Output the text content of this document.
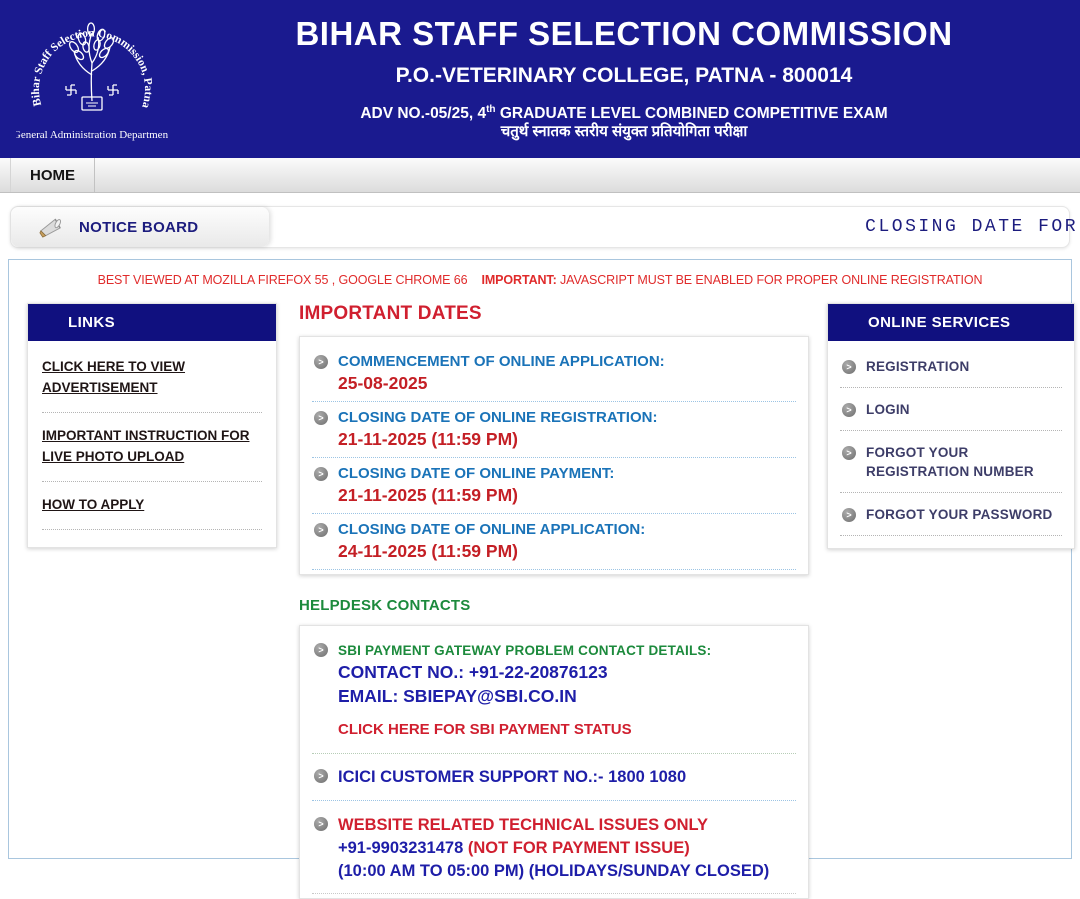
Bihar Staff Selection Commission, Patna
General Administration Department
BIHAR STAFF SELECTION COMMISSION
P.O.-VETERINARY COLLEGE, PATNA - 800014
ADV NO.-05/25, 4th GRADUATE LEVEL COMBINED COMPETITIVE EXAM
चतुर्थ स्नातक स्तरीय संयुक्त प्रतियोगिता परीक्षा
HOME
NOTICE BOARD	CLOSING DATE FOR
BEST VIEWED AT MOZILLA FIREFOX 55 , GOOGLE CHROME 66 IMPORTANT: JAVASCRIPT MUST BE ENABLED FOR PROPER ONLINE REGISTRATION
LINKS
CLICK HERE TO VIEW ADVERTISEMENT
IMPORTANT INSTRUCTION FOR LIVE PHOTO UPLOAD
HOW TO APPLY
IMPORTANT DATES
> COMMENCEMENT OF ONLINE APPLICATION:
25-08-2025
> CLOSING DATE OF ONLINE REGISTRATION:
21-11-2025 (11:59 PM)
> CLOSING DATE OF ONLINE PAYMENT:
21-11-2025 (11:59 PM)
> CLOSING DATE OF ONLINE APPLICATION:
24-11-2025 (11:59 PM)
HELPDESK CONTACTS
>	SBI PAYMENT GATEWAY PROBLEM CONTACT DETAILS:
CONTACT NO.: +91-22-20876123
EMAIL: SBIEPAY@SBI.CO.IN
CLICK HERE FOR SBI PAYMENT STATUS
> ICICI CUSTOMER SUPPORT NO.:- 1800 1080
> WEBSITE RELATED TECHNICAL ISSUES ONLY
+91-9903231478 (NOT FOR PAYMENT ISSUE)
(10:00 AM TO 05:00 PM) (HOLIDAYS/SUNDAY CLOSED)
ONLINE SERVICES
>	REGISTRATION
>	LOGIN
>	FORGOT YOUR REGISTRATION NUMBER
>	FORGOT YOUR PASSWORD
